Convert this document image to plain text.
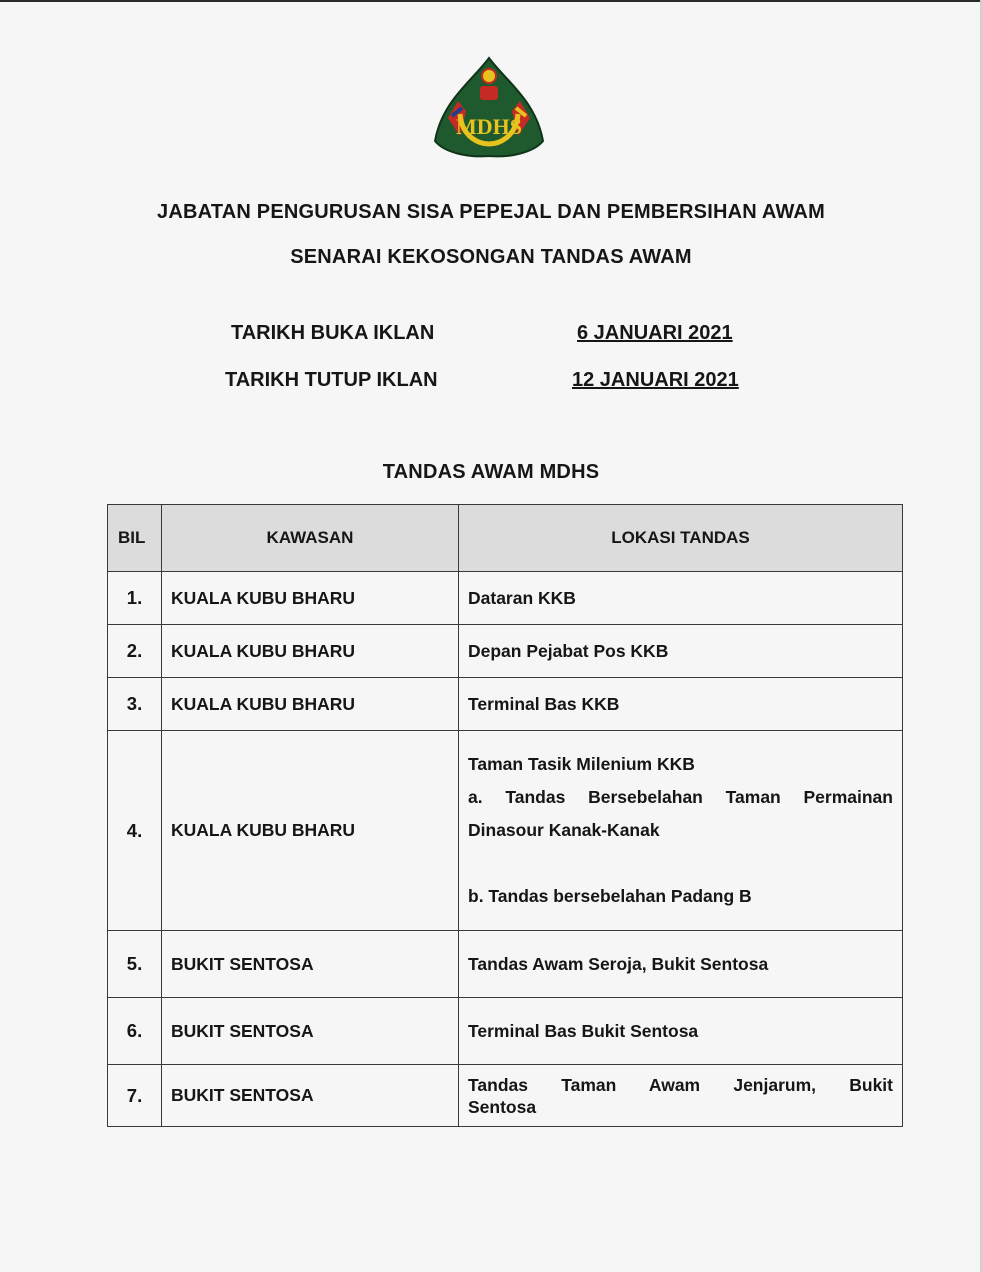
MDHS
JABATAN PENGURUSAN SISA PEPEJAL DAN PEMBERSIHAN AWAM
SENARAI KEKOSONGAN TANDAS AWAM
TARIKH BUKA IKLAN	6 JANUARI 2021
TARIKH TUTUP IKLAN	12 JANUARI 2021
TANDAS AWAM MDHS
BIL	KAWASAN	LOKASI TANDAS
1.	KUALA KUBU BHARU	Dataran KKB
2.	KUALA KUBU BHARU	Depan Pejabat Pos KKB
3.	KUALA KUBU BHARU	Terminal Bas KKB
4.	KUALA KUBU BHARU	Taman Tasik Milenium KKB

a. Tandas Bersebelahan Taman Permainan

Dinasour Kanak-Kanak

b. Tandas bersebelahan Padang B

5.	BUKIT SENTOSA	Tandas Awam Seroja, Bukit Sentosa
6.	BUKIT SENTOSA	Terminal Bas Bukit Sentosa
7.	BUKIT SENTOSA	Tandas Taman Awam Jenjarum, Bukit
Sentosa
